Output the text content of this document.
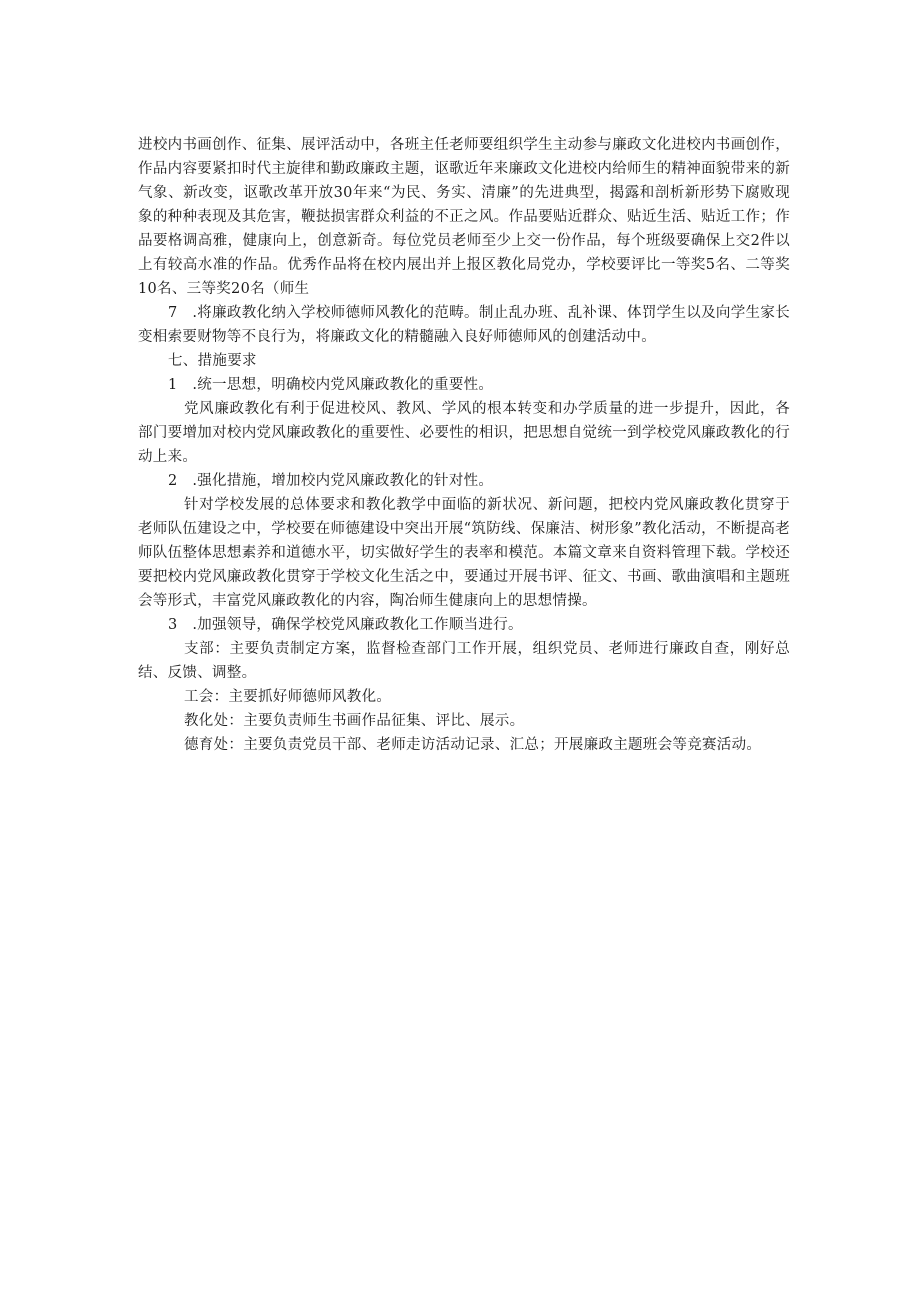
进校内书画创作、征集、展评活动中，各班主任老师要组织学生主动参与廉政文化进校内书画创作，作品内容要紧扣时代主旋律和勤政廉政主题，讴歌近年来廉政文化进校内给师生的精神面貌带来的新气象、新改变，讴歌改革开放30年来“为民、务实、清廉”的先进典型，揭露和剖析新形势下腐败现象的种种表现及其危害，鞭挞损害群众利益的不正之风。作品要贴近群众、贴近生活、贴近工作；作品要格调高雅，健康向上，创意新奇。每位党员老师至少上交一份作品，每个班级要确保上交2件以上有较高水准的作品。优秀作品将在校内展出并上报区教化局党办，学校要评比一等奖5名、二等奖10名、三等奖20名（师生

7　.将廉政教化纳入学校师德师风教化的范畴。制止乱办班、乱补课、体罚学生以及向学生家长变相索要财物等不良行为，将廉政文化的精髓融入良好师德师风的创建活动中。

七、措施要求

1　.统一思想，明确校内党风廉政教化的重要性。

党风廉政教化有利于促进校风、教风、学风的根本转变和办学质量的进一步提升，因此，各部门要增加对校内党风廉政教化的重要性、必要性的相识，把思想自觉统一到学校党风廉政教化的行动上来。

2　.强化措施，增加校内党风廉政教化的针对性。

针对学校发展的总体要求和教化教学中面临的新状况、新问题，把校内党风廉政教化贯穿于老师队伍建设之中，学校要在师德建设中突出开展“筑防线、保廉洁、树形象”教化活动，不断提高老师队伍整体思想素养和道德水平，切实做好学生的表率和模范。本篇文章来自资料管理下载。学校还要把校内党风廉政教化贯穿于学校文化生活之中，要通过开展书评、征文、书画、歌曲演唱和主题班会等形式，丰富党风廉政教化的内容，陶冶师生健康向上的思想情操。

3　.加强领导，确保学校党风廉政教化工作顺当进行。

支部：主要负责制定方案，监督检查部门工作开展，组织党员、老师进行廉政自查，刚好总结、反馈、调整。

工会：主要抓好师德师风教化。

教化处：主要负责师生书画作品征集、评比、展示。

德育处：主要负责党员干部、老师走访活动记录、汇总；开展廉政主题班会等竞赛活动。
